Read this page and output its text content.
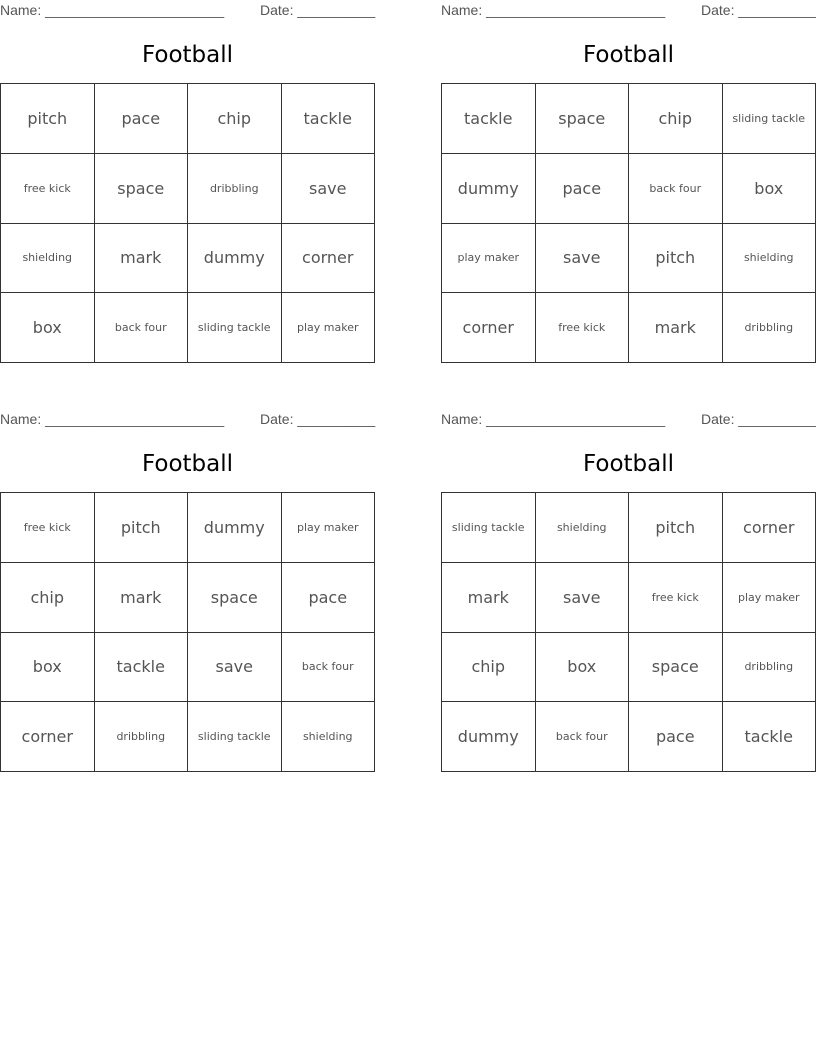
Name: _______________________	Date: __________
Football
pitch	pace	chip	tackle
free kick	space	dribbling	save
shielding	mark	dummy	corner
box	back four	sliding tackle	play maker
Name: _______________________	Date: __________
Football
tackle	space	chip	sliding tackle
dummy	pace	back four	box
play maker	save	pitch	shielding
corner	free kick	mark	dribbling
Name: _______________________	Date: __________
Football
free kick	pitch	dummy	play maker
chip	mark	space	pace
box	tackle	save	back four
corner	dribbling	sliding tackle	shielding
Name: _______________________	Date: __________
Football
sliding tackle	shielding	pitch	corner
mark	save	free kick	play maker
chip	box	space	dribbling
dummy	back four	pace	tackle
